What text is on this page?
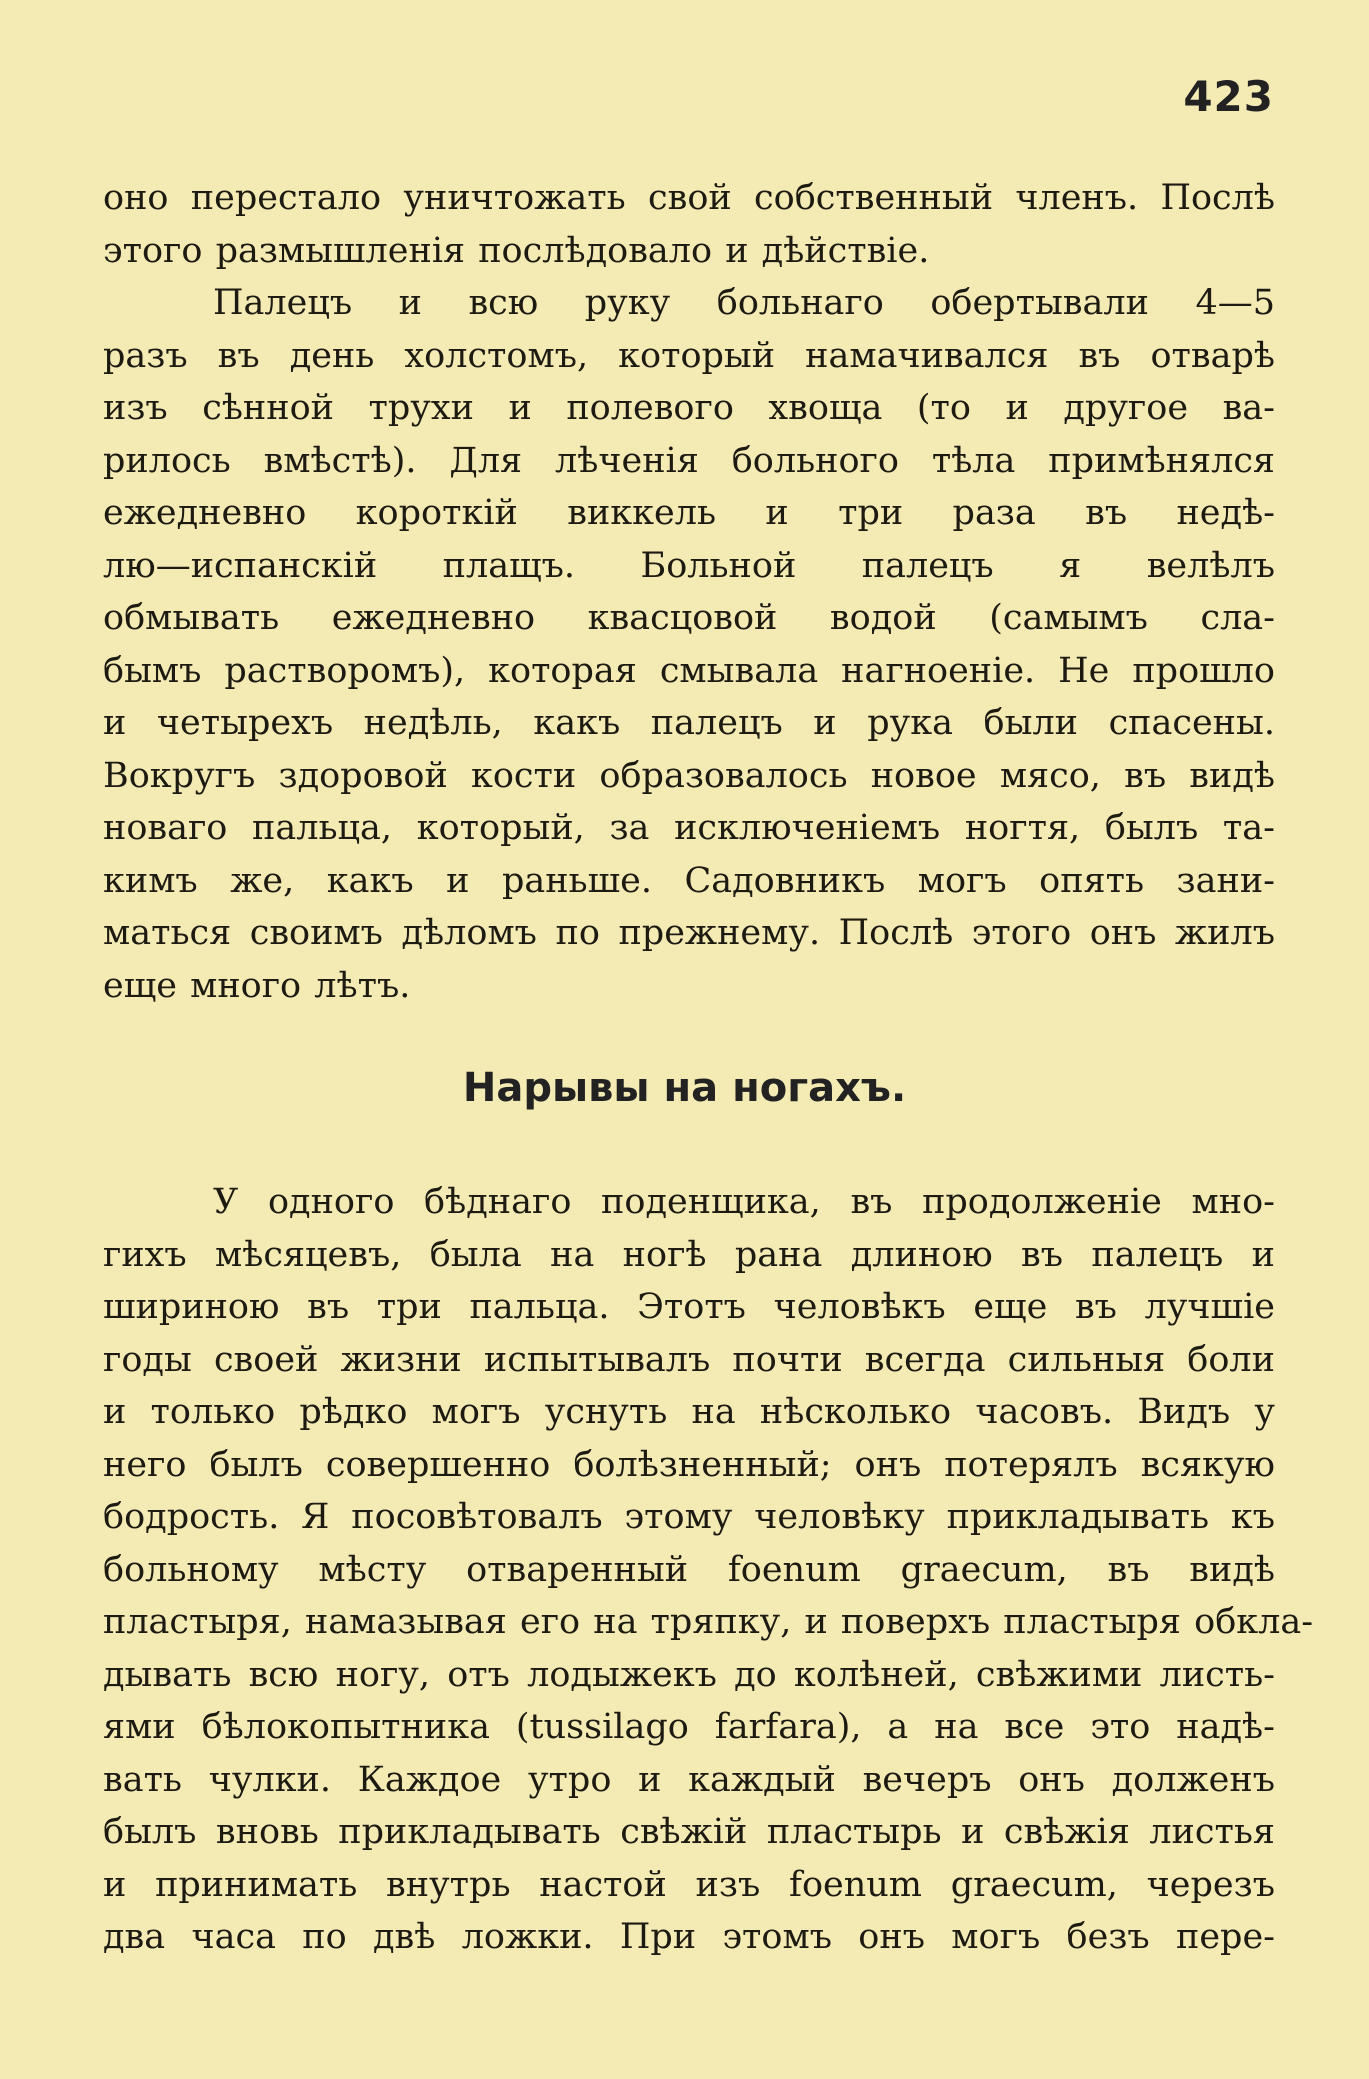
423
оно перестало уничтожать свой собственный членъ. Послѣ
этого размышленія послѣдовало и дѣйствіе.
Палецъ и всю руку больнаго обертывали 4—5
разъ въ день холстомъ, который намачивался въ отварѣ
изъ сѣнной трухи и полевого хвоща (то и другое ва-
рилось вмѣстѣ). Для лѣченія больного тѣла примѣнялся
ежедневно короткій виккель и три раза въ недѣ-
лю—испанскій плащъ. Больной палецъ я велѣлъ
обмывать ежедневно квасцовой водой (самымъ сла-
бымъ растворомъ), которая смывала нагноеніе. Не прошло
и четырехъ недѣль, какъ палецъ и рука были спасены.
Вокругъ здоровой кости образовалось новое мясо, въ видѣ
новаго пальца, который, за исключеніемъ ногтя, былъ та-
кимъ же, какъ и раньше. Садовникъ могъ опять зани-
маться своимъ дѣломъ по прежнему. Послѣ этого онъ жилъ
еще много лѣтъ.
Нарывы на ногахъ.
У одного бѣднаго поденщика, въ продолженіе мно-
гихъ мѣсяцевъ, была на ногѣ рана длиною въ палецъ и
шириною въ три пальца. Этотъ человѣкъ еще въ лучшіе
годы своей жизни испытывалъ почти всегда сильныя боли
и только рѣдко могъ уснуть на нѣсколько часовъ. Видъ у
него былъ совершенно болѣзненный; онъ потерялъ всякую
бодрость. Я посовѣтовалъ этому человѣку прикладывать къ
больному мѣсту отваренный foenum graecum, въ видѣ
пластыря, намазывая его на тряпку, и поверхъ пластыря обкла-
дывать всю ногу, отъ лодыжекъ до колѣней, свѣжими листь-
ями бѣлокопытника (tussilago farfara), а на все это надѣ-
вать чулки. Каждое утро и каждый вечеръ онъ долженъ
былъ вновь прикладывать свѣжій пластырь и свѣжія листья
и принимать внутрь настой изъ foenum graecum, черезъ
два часа по двѣ ложки. При этомъ онъ могъ безъ пере-
